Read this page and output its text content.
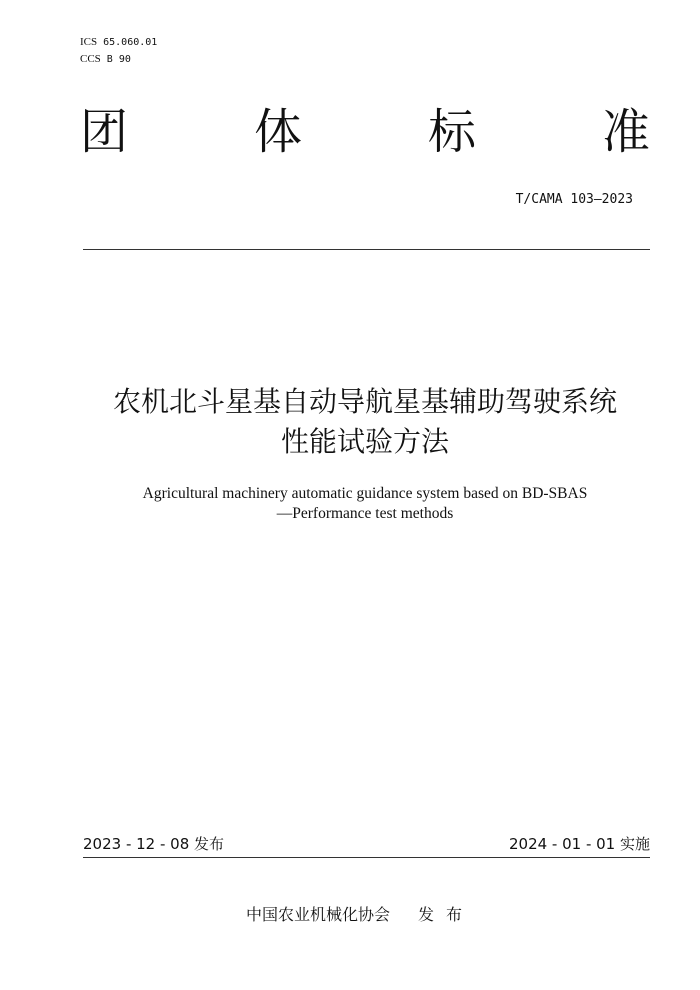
ICS 65.060.01
CCS B 90
团	体	标	准
T/CAMA 103—2023
农机北斗星基自动导航星基辅助驾驶系统
性能试验方法
Agricultural machinery automatic guidance system based on BD-SBAS
—Performance test methods
2023 - 12 - 08 发布	2024 - 01 - 01 实施
中国农业机械化协会 发布
